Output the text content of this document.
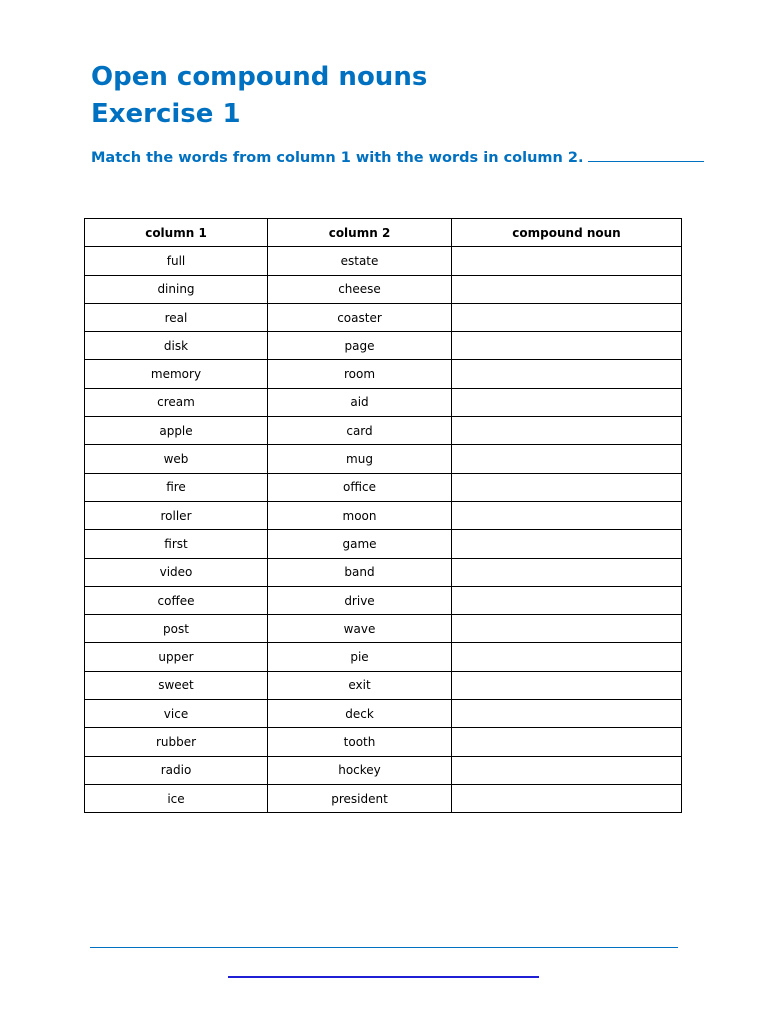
Open compound nouns
Exercise 1

Match the words from column 1 with the words in column 2.

column 1	column 2	compound noun
full	estate	
dining	cheese	
real	coaster	
disk	page	
memory	room	
cream	aid	
apple	card	
web	mug	
fire	office	
roller	moon	
first	game	
video	band	
coffee	drive	
post	wave	
upper	pie	
sweet	exit	
vice	deck	
rubber	tooth	
radio	hockey	
ice	president	
